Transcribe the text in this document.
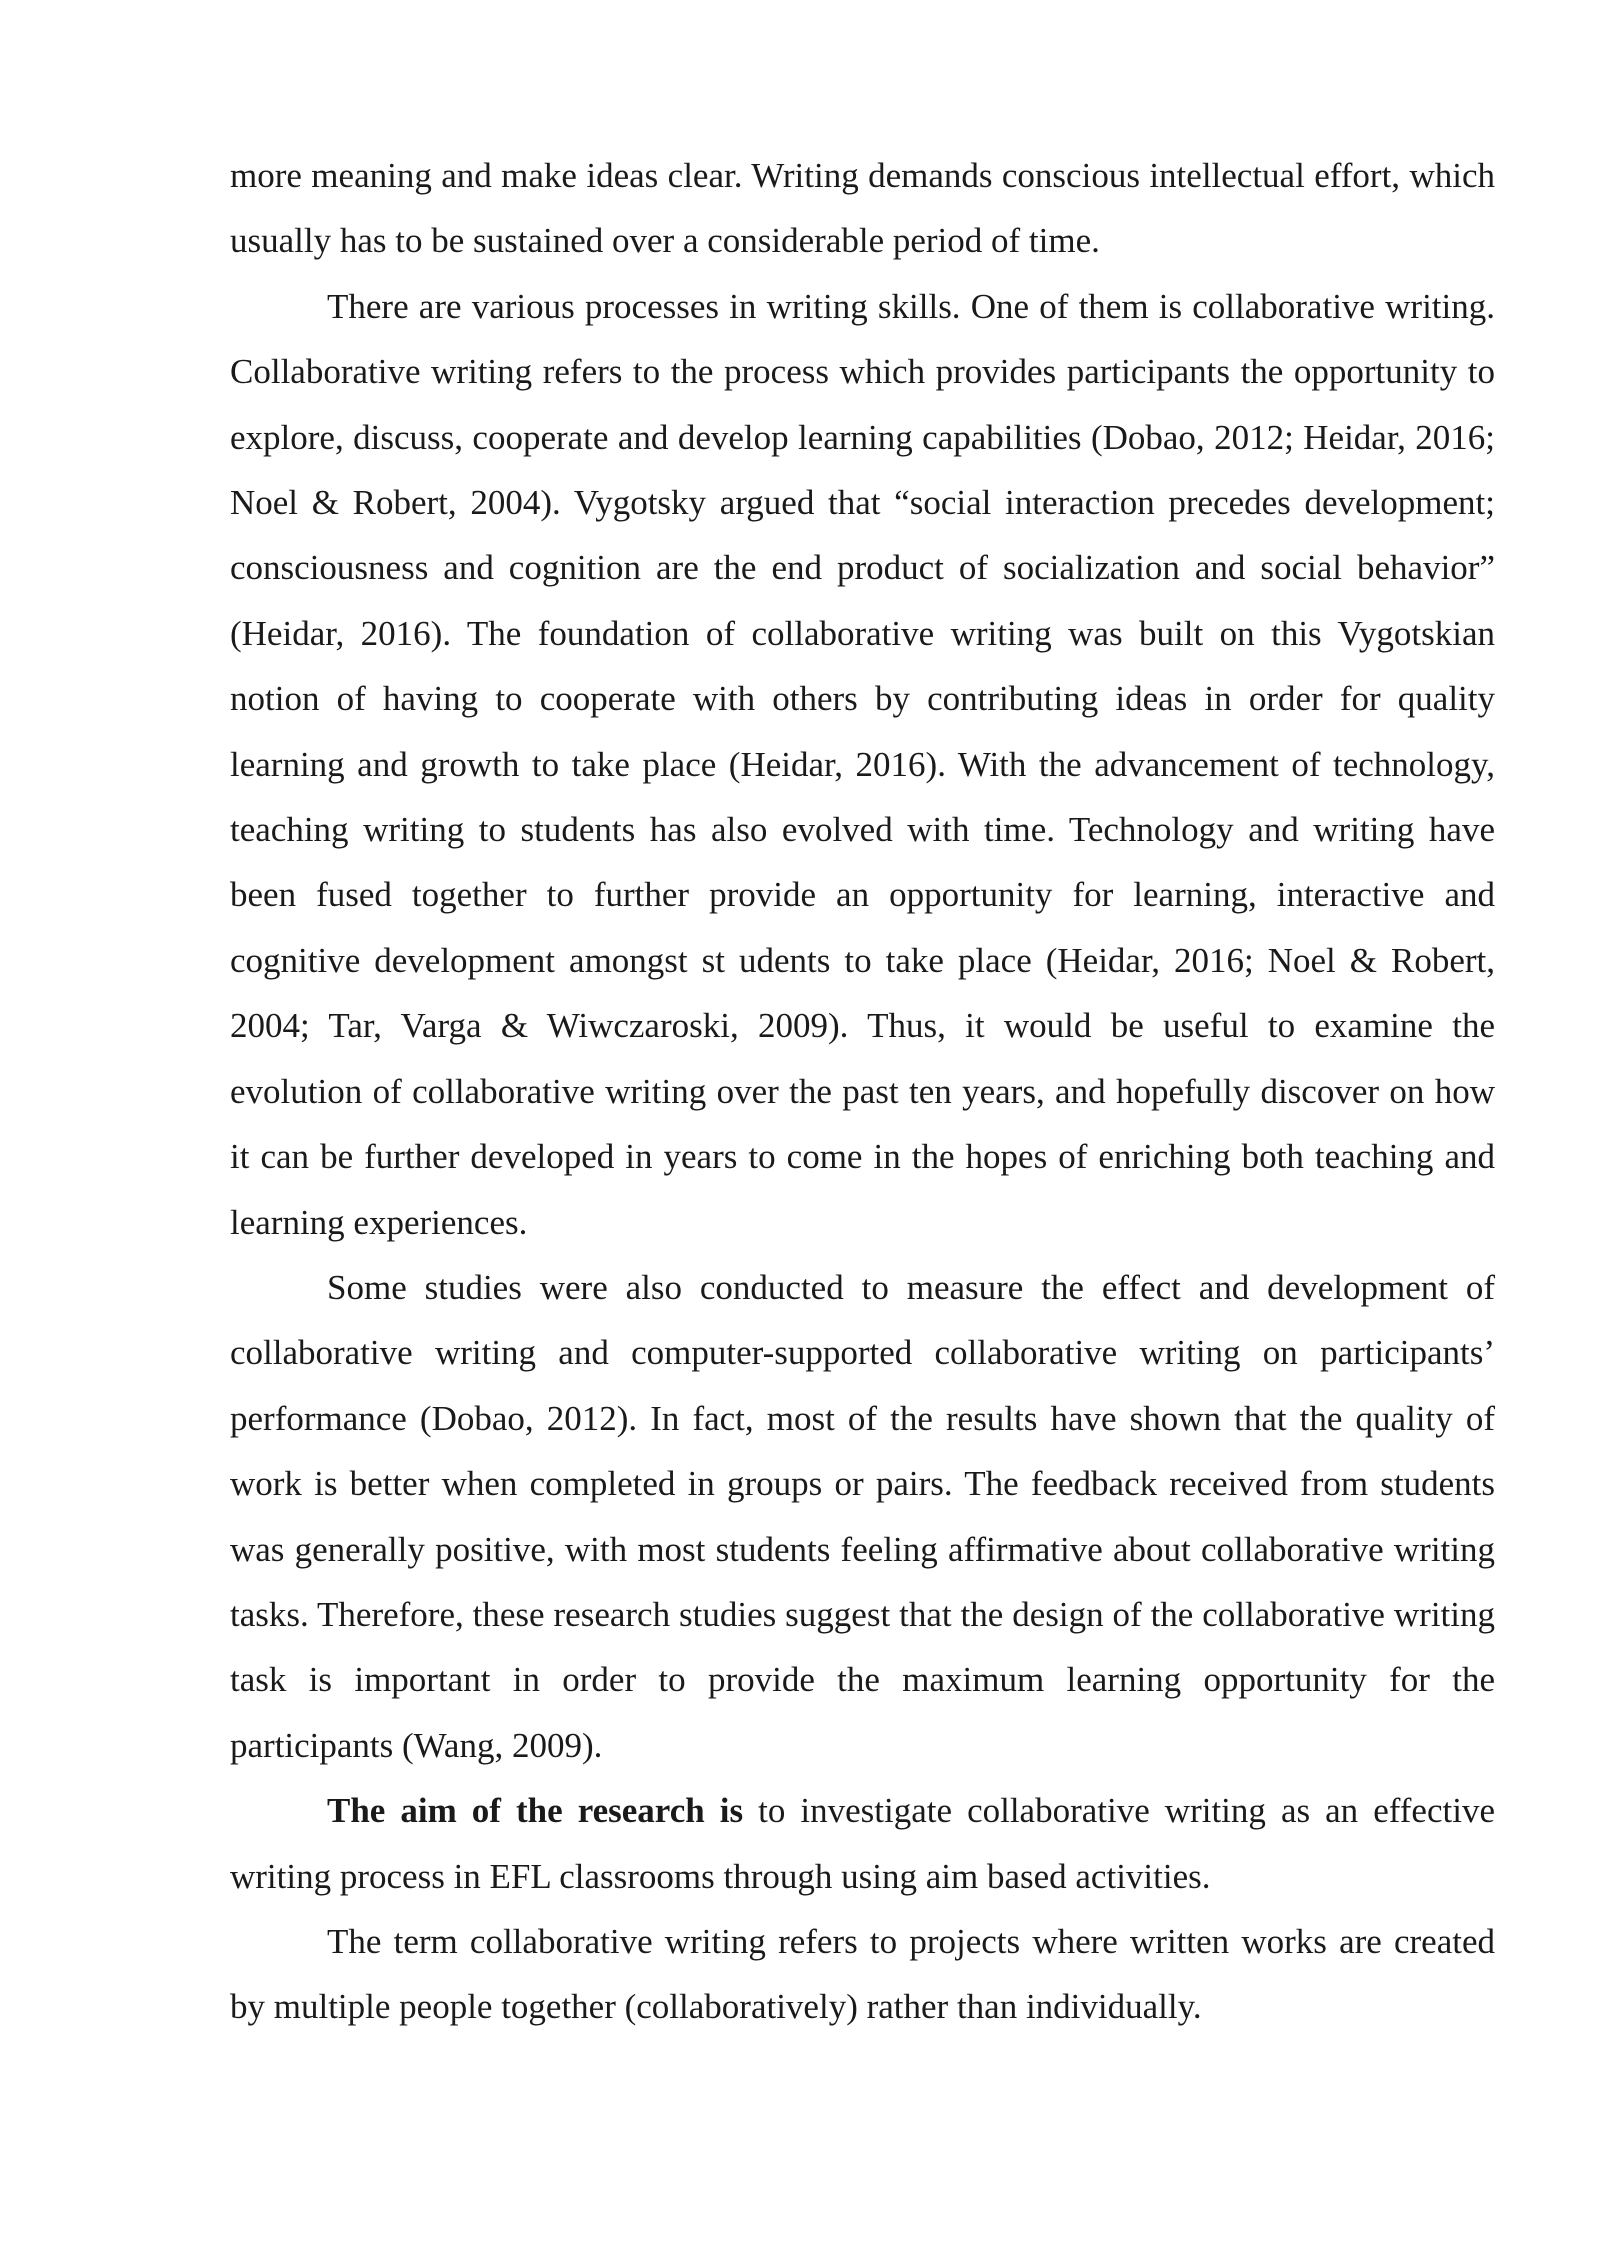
more meaning and make ideas clear. Writing demands conscious intellectual effort, which usually has to be sustained over a considerable period of time.

There are various processes in writing skills. One of them is collaborative writing. Collaborative writing refers to the process which provides participants the opportunity to explore, discuss, cooperate and develop learning capabilities (Dobao, 2012; Heidar, 2016; Noel & Robert, 2004). Vygotsky argued that “social interaction precedes development; consciousness and cognition are the end product of socialization and social behavior” (Heidar, 2016). The foundation of collaborative writing was built on this Vygotskian notion of having to cooperate with others by contributing ideas in order for quality learning and growth to take place (Heidar, 2016). With the advancement of technology, teaching writing to students has also evolved with time. Technology and writing have been fused together to further provide an opportunity for learning, interactive and cognitive development amongst st udents to take place (Heidar, 2016; Noel & Robert, 2004; Tar, Varga & Wiwczaroski, 2009). Thus, it would be useful to examine the evolution of collaborative writing over the past ten years, and hopefully discover on how it can be further developed in years to come in the hopes of enriching both teaching and learning experiences.

Some studies were also conducted to measure the effect and development of collaborative writing and computer-supported collaborative writing on participants’ performance (Dobao, 2012). In fact, most of the results have shown that the quality of work is better when completed in groups or pairs. The feedback received from students was generally positive, with most students feeling affirmative about collaborative writing tasks. Therefore, these research studies suggest that the design of the collaborative writing task is important in order to provide the maximum learning opportunity for the participants (Wang, 2009).

The aim of the research is to investigate collaborative writing as an effective writing process in EFL classrooms through using aim based activities.

The term collaborative writing refers to projects where written works are created by multiple people together (collaboratively) rather than individually.
